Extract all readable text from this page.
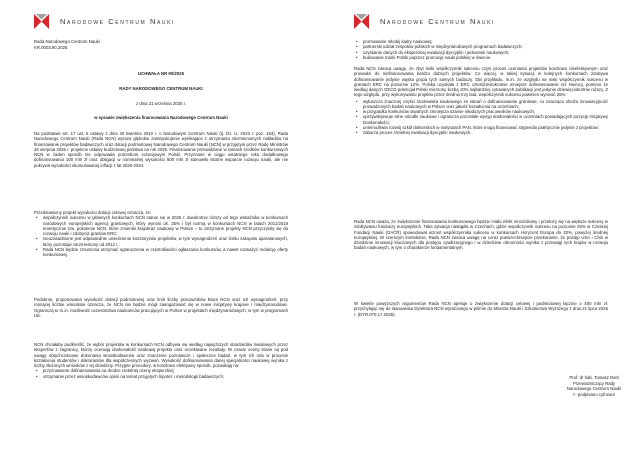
Narodowe Centrum Nauki
Rada Narodowego Centrum Nauki
KR.0003.90.2025
UCHWAŁA NR 90/2025
RADY NARODOWEGO CENTRUM NAUKI
z dnia 21 września 2025 r.
w sprawie zwiększenia finansowania Narodowego Centrum Nauki

Na podstawie art. 17 ust. 5 ustawy z dnia 30 kwietnia 2010 r. o Narodowym Centrum Nauki (tj. Dz. U. 2023 r. poz. 153), Rada Narodowego Centrum Nauki (Rada NCN) wyraża głębokie zaniepokojenie wynikające z utrzymania niezmienionych nakładów na finansowanie projektów badawczych oraz dotacji podmiotowej Narodowego Centrum Nauki (NCN) w przyjętym przez Radę Ministrów 28 sierpnia 2025 r. projekcie ustawy budżetowej państwa na rok 2026. Finansowanie przewidziane w ramach środków konkursowych NCN w żaden sposób nie odpowiada potrzebom rozwojowym Polski. Przyznane w ciągu ostatniego roku dodatkowego dofinansowania 100 mln zł oraz obligacji w nominalnej wysokości 500 mln zł stanowiło istotne wsparcie rozwoju nauki, ale nie pokrywa wysokości skumulowanej inflacji z lat 2020-2024.

Przedstawiony projekt wysokości dotacji celowej oznacza, że:

• współczynnik sukcesu w głównych konkursach NCN stanie się w 2026 r. dwukrotnie niższy od tego wskaźnika w konkursach narodowych europejskich agencji grantowych, który wynosi ok. 25% i był normą w konkursach NCN w latach 2011/2019 teoretycznie tzw. pokolenie NCN, które zmieniło krajobraz naukowy w Polsce – to otrzymane projekty NCN przyczyniły się do rozwoju nauki i zdobycia grantów ERC;
• nieuzasadnione jest odpowiednie umieścienie kosztorysów projektów, w tym wynagrodzeń oraz limitu zakupów aparaturowych, który pozostaje niezmieniony od 2012 r.;
• Rada NCN będzie zmuszona utrzymać ograniczenia w częstotliwości ogłaszania konkursów, a nawet rozważyć redukcję oferty konkursowej.

Podobnie, proponowana wysokość dotacji podmiotowej oraz limit liczby pracowników Biura NCN oraz ich wynagrodzeń, przy rosnącej liczbie wniosków oznacza, że NCN nie będzie mógł zaangażować się w nowe inicjatywy krajowe i międzynarodowe. Ograniczą to m.in. możliwość uczestnictwa naukowców pracujących w Polsce w projektach międzynarodowych, w tym w programach UE.

NCN chciałaby podkreślić, że wybór projektów w konkursach NCN odbywa się według najwyższych standardów światowych przez ekspertów z zagranicy, którzy oceniają doskonałość naukową projektu oraz oczekiwane rezultaty. W czasie oceny brane są pod uwagę dotychczasowe dokonania wnioskodawców oraz znaczenie poznawcze i społeczne badań, w tym ich rola w procesie kształcenia studentów i doktorantów dla współczesnych wyzwań. Wysokość dofinansowania danej specjalności naukowej wynika z liczby złożonych wniosków z tej dziedziny. Przyjęte procedury, w kosztowo efektywny sposób, pozwalają na:

• przyznawanie dofinansowania na drodze rzetelnej oceny eksperckiej;
• otrzymanie przez wnioskodawców opinii na temat przyjętych hipotez i metodologii badawczych;
Narodowe Centrum Nauki
• promowanie młodej kadry naukowej;
• partnerski udział zespołów polskich w międzynarodowych programach badawczych;
• uzyskanie danych do eksperckiej ewaluacji dyscyplin i jednostek naukowych;
• budowanie marki Polski poprzez promocję nauki polskiej w świecie.

Rada NCN zwraca uwagę, że zbyt niski współczynnik sukcesu czyni proces oceniania projektów kosztowo nieefektywnym oraz prowadzi do niefinansowania bardzo dobrych projektów. Co więcej, w takiej sytuacji w kolejnych konkursach zdobywa dofinansowanie jedynie wąska grupa tych samych badaczy. Dla przykładu, m.in. ze względu na niski współczynnik sukcesu w grantach ERC na poziomie 12%, Polska uzyskała z ERC czterdziestokrotnie mniejsze dofinansowanie niż Niemcy, pomimo że według danych OECD potencjał Polski mierzony liczbą 10% najbardziej cytowanych publikacji jest jedynie dziewięciokrotnie niższy. Z tego względu, przy wykonywaniu projektu przez średnio trzy lata, współczynnik sukcesu powinien wynosić 25%:

• wyłuszcza znacznej części środowiska naukowego ze starań o dofinansowanie grantowe, co znacząco obniża innowacyjność prowadzonych badań naukowych w Polsce oraz jakość kształcenia na uczelniach;
• w przypadku konkursów otwartych zmniejsza szanse młodszych pracowników naukowych;
• uprzywilejowuje silne ośrodki naukowe i ogranicza pozostałe wysyp doskonałości w uczelniach posiadających pozycję Inicjatywy Doskonałości;
• uniemożliwia rozwój szkół doktorskich w instytutach PAN, które mogą finansować stypendia praktycznie jedynie z projektów;
• zaburza proces rzetelnej ewaluacji dyscyplin naukowych.

Rada NCN uważa, że zwiększenie finansowania konkursowego będzie miało efekt mnożnikowy i przełoży się na większe sukcesy w zdobywaniu funduszy europejskich. Taka sytuacja nastąpiła w Czechach, gdzie współczynnik sukcesu na poziomie 25% w Czeskiej Fundacji Nauki (GAČR) spowodował wzrost współczynnika sukcesu w konkursach Horyzont Europa do 20%, powyżej średniej europejskiej. W szerszym kontekście, Rada NCN zwraca uwagę na coraz powszechniejsze przekonanie, że postęp USA i Chin w dziedzinie innowacji kluczowych dla postępu cywilizacyjnego i w dziedzinie obronności wynika z przewagi tych krajów w rozwoju badań naukowych, w tym o charakterze fundamentalnym.

W świetle powyższych argumentów Rada NCN apeluje o zwiększenie dotacji celowej i podmiotowej łącznie o 400 mln zł. przychylając się do stanowiska Dyrektora NCN wyrażonego w piśmie do Ministra Nauki i Szkolnictwa Wyższego z dnia 21 lipca 2025 r. (DYR.070.17.2025).

Prof. dr hab. Tomasz Dietl
Przewodniczący Rady
Narodowego Centrum Nauki
/– podpisano cyfrowo/
